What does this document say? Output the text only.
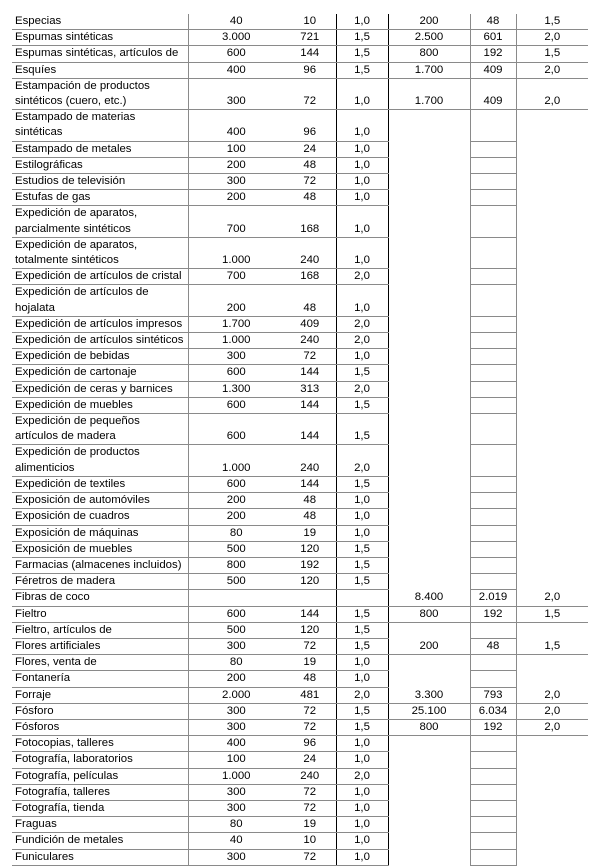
Especias	40	10	1,0	200	48	1,5
Espumas sintéticas	3.000	721	1,5	2.500	601	2,0
Espumas sintéticas, artículos de	600	144	1,5	800	192	1,5
Esquíes	400	96	1,5	1.700	409	2,0
Estampación de productos sintéticos (cuero, etc.)	300	72	1,0	1.700	409	2,0
Estampado de materias sintéticas	400	96	1,0			
Estampado de metales	100	24	1,0			
Estilográficas	200	48	1,0			
Estudios de televisión	300	72	1,0			
Estufas de gas	200	48	1,0			
Expedición de aparatos, parcialmente sintéticos	700	168	1,0			
Expedición de aparatos, totalmente sintéticos	1.000	240	1,0			
Expedición de artículos de cristal	700	168	2,0			
Expedición de artículos de hojalata	200	48	1,0			
Expedición de artículos impresos	1.700	409	2,0			
Expedición de artículos sintéticos	1.000	240	2,0			
Expedición de bebidas	300	72	1,0			
Expedición de cartonaje	600	144	1,5			
Expedición de ceras y barnices	1.300	313	2,0			
Expedición de muebles	600	144	1,5			
Expedición de pequeños artículos de madera	600	144	1,5			
Expedición de productos alimenticios	1.000	240	2,0			
Expedición de textiles	600	144	1,5			
Exposición de automóviles	200	48	1,0			
Exposición de cuadros	200	48	1,0			
Exposición de máquinas	80	19	1,0			
Exposición de muebles	500	120	1,5			
Farmacias (almacenes incluidos)	800	192	1,5			
Féretros de madera	500	120	1,5			
Fibras de coco				8.400	2.019	2,0
Fieltro	600	144	1,5	800	192	1,5
Fieltro, artículos de	500	120	1,5			
Flores artificiales	300	72	1,5	200	48	1,5
Flores, venta de	80	19	1,0			
Fontanería	200	48	1,0			
Forraje	2.000	481	2,0	3.300	793	2,0
Fósforo	300	72	1,5	25.100	6.034	2,0
Fósforos	300	72	1,5	800	192	2,0
Fotocopias, talleres	400	96	1,0			
Fotografía, laboratorios	100	24	1,0			
Fotografía, películas	1.000	240	2,0			
Fotografía, talleres	300	72	1,0			
Fotografía, tienda	300	72	1,0			
Fraguas	80	19	1,0			
Fundición de metales	40	10	1,0			
Funiculares	300	72	1,0			
